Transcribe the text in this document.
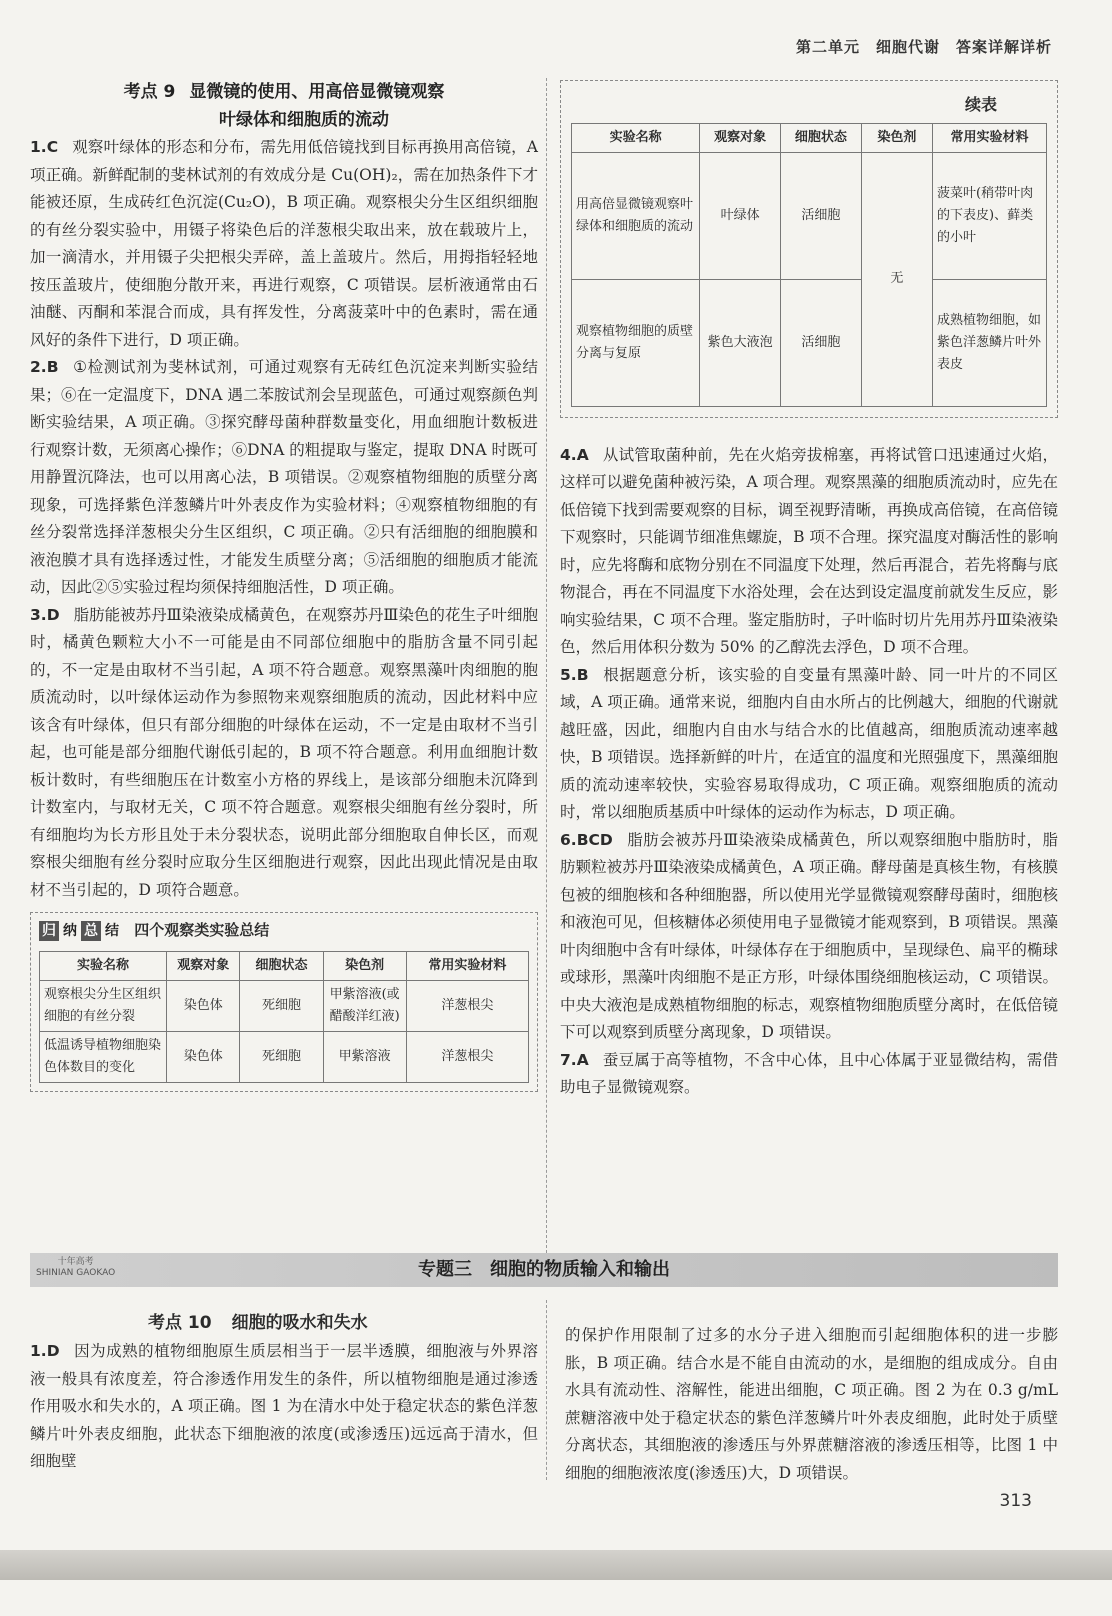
第二单元　细胞代谢　答案详解详析
考点 9 显微镜的使用、用高倍显微镜观察
叶绿体和细胞质的流动

1.C 观察叶绿体的形态和分布，需先用低倍镜找到目标再换用高倍镜，A 项正确。新鲜配制的斐林试剂的有效成分是 Cu(OH)₂，需在加热条件下才能被还原，生成砖红色沉淀(Cu₂O)，B 项正确。观察根尖分生区组织细胞的有丝分裂实验中，用镊子将染色后的洋葱根尖取出来，放在载玻片上，加一滴清水，并用镊子尖把根尖弄碎，盖上盖玻片。然后，用拇指轻轻地按压盖玻片，使细胞分散开来，再进行观察，C 项错误。层析液通常由石油醚、丙酮和苯混合而成，具有挥发性，分离菠菜叶中的色素时，需在通风好的条件下进行，D 项正确。

2.B ①检测试剂为斐林试剂，可通过观察有无砖红色沉淀来判断实验结果；⑥在一定温度下，DNA 遇二苯胺试剂会呈现蓝色，可通过观察颜色判断实验结果，A 项正确。③探究酵母菌种群数量变化，用血细胞计数板进行观察计数，无须离心操作；⑥DNA 的粗提取与鉴定，提取 DNA 时既可用静置沉降法，也可以用离心法，B 项错误。②观察植物细胞的质壁分离现象，可选择紫色洋葱鳞片叶外表皮作为实验材料；④观察植物细胞的有丝分裂常选择洋葱根尖分生区组织，C 项正确。②只有活细胞的细胞膜和液泡膜才具有选择透过性，才能发生质壁分离；⑤活细胞的细胞质才能流动，因此②⑤实验过程均须保持细胞活性，D 项正确。

3.D 脂肪能被苏丹Ⅲ染液染成橘黄色，在观察苏丹Ⅲ染色的花生子叶细胞时，橘黄色颗粒大小不一可能是由不同部位细胞中的脂肪含量不同引起的，不一定是由取材不当引起，A 项不符合题意。观察黑藻叶肉细胞的胞质流动时，以叶绿体运动作为参照物来观察细胞质的流动，因此材料中应该含有叶绿体，但只有部分细胞的叶绿体在运动，不一定是由取材不当引起，也可能是部分细胞代谢低引起的，B 项不符合题意。利用血细胞计数板计数时，有些细胞压在计数室小方格的界线上，是该部分细胞未沉降到计数室内，与取材无关，C 项不符合题意。观察根尖细胞有丝分裂时，所有细胞均为长方形且处于未分裂状态，说明此部分细胞取自伸长区，而观察根尖细胞有丝分裂时应取分生区细胞进行观察，因此出现此情况是由取材不当引起的，D 项符合题意。

归 纳 总 结 四个观察类实验总结
实验名称	观察对象	细胞状态	染色剂	常用实验材料
观察根尖分生区组织细胞的有丝分裂	染色体	死细胞	甲紫溶液(或醋酸洋红液)	洋葱根尖
低温诱导植物细胞染色体数目的变化	染色体	死细胞	甲紫溶液	洋葱根尖
续表
实验名称	观察对象	细胞状态	染色剂	常用实验材料
用高倍显微镜观察叶绿体和细胞质的流动	叶绿体	活细胞	无	菠菜叶(稍带叶肉的下表皮)、藓类的小叶
观察植物细胞的质壁分离与复原	紫色大液泡	活细胞		成熟植物细胞，如紫色洋葱鳞片叶外表皮

4.A 从试管取菌种前，先在火焰旁拔棉塞，再将试管口迅速通过火焰，这样可以避免菌种被污染，A 项合理。观察黑藻的细胞质流动时，应先在低倍镜下找到需要观察的目标，调至视野清晰，再换成高倍镜，在高倍镜下观察时，只能调节细准焦螺旋，B 项不合理。探究温度对酶活性的影响时，应先将酶和底物分别在不同温度下处理，然后再混合，若先将酶与底物混合，再在不同温度下水浴处理，会在达到设定温度前就发生反应，影响实验结果，C 项不合理。鉴定脂肪时，子叶临时切片先用苏丹Ⅲ染液染色，然后用体积分数为 50% 的乙醇洗去浮色，D 项不合理。

5.B 根据题意分析，该实验的自变量有黑藻叶龄、同一叶片的不同区域，A 项正确。通常来说，细胞内自由水所占的比例越大，细胞的代谢就越旺盛，因此，细胞内自由水与结合水的比值越高，细胞质流动速率越快，B 项错误。选择新鲜的叶片，在适宜的温度和光照强度下，黑藻细胞质的流动速率较快，实验容易取得成功，C 项正确。观察细胞质的流动时，常以细胞质基质中叶绿体的运动作为标志，D 项正确。

6.BCD 脂肪会被苏丹Ⅲ染液染成橘黄色，所以观察细胞中脂肪时，脂肪颗粒被苏丹Ⅲ染液染成橘黄色，A 项正确。酵母菌是真核生物，有核膜包被的细胞核和各种细胞器，所以使用光学显微镜观察酵母菌时，细胞核和液泡可见，但核糖体必须使用电子显微镜才能观察到，B 项错误。黑藻叶肉细胞中含有叶绿体，叶绿体存在于细胞质中，呈现绿色、扁平的椭球或球形，黑藻叶肉细胞不是正方形，叶绿体围绕细胞核运动，C 项错误。中央大液泡是成熟植物细胞的标志，观察植物细胞质壁分离时，在低倍镜下可以观察到质壁分离现象，D 项错误。

7.A 蚕豆属于高等植物，不含中心体，且中心体属于亚显微结构，需借助电子显微镜观察。

十年高考
SHINIAN GAOKAO	专题三　细胞的物质输入和输出
考点 10 细胞的吸水和失水

1.D 因为成熟的植物细胞原生质层相当于一层半透膜，细胞液与外界溶液一般具有浓度差，符合渗透作用发生的条件，所以植物细胞是通过渗透作用吸水和失水的，A 项正确。图 1 为在清水中处于稳定状态的紫色洋葱鳞片叶外表皮细胞，此状态下细胞液的浓度(或渗透压)远远高于清水，但细胞壁

的保护作用限制了过多的水分子进入细胞而引起细胞体积的进一步膨胀，B 项正确。结合水是不能自由流动的水，是细胞的组成成分。自由水具有流动性、溶解性，能进出细胞，C 项正确。图 2 为在 0.3 g/mL 蔗糖溶液中处于稳定状态的紫色洋葱鳞片叶外表皮细胞，此时处于质壁分离状态，其细胞液的渗透压与外界蔗糖溶液的渗透压相等，比图 1 中细胞的细胞液浓度(渗透压)大，D 项错误。

313
